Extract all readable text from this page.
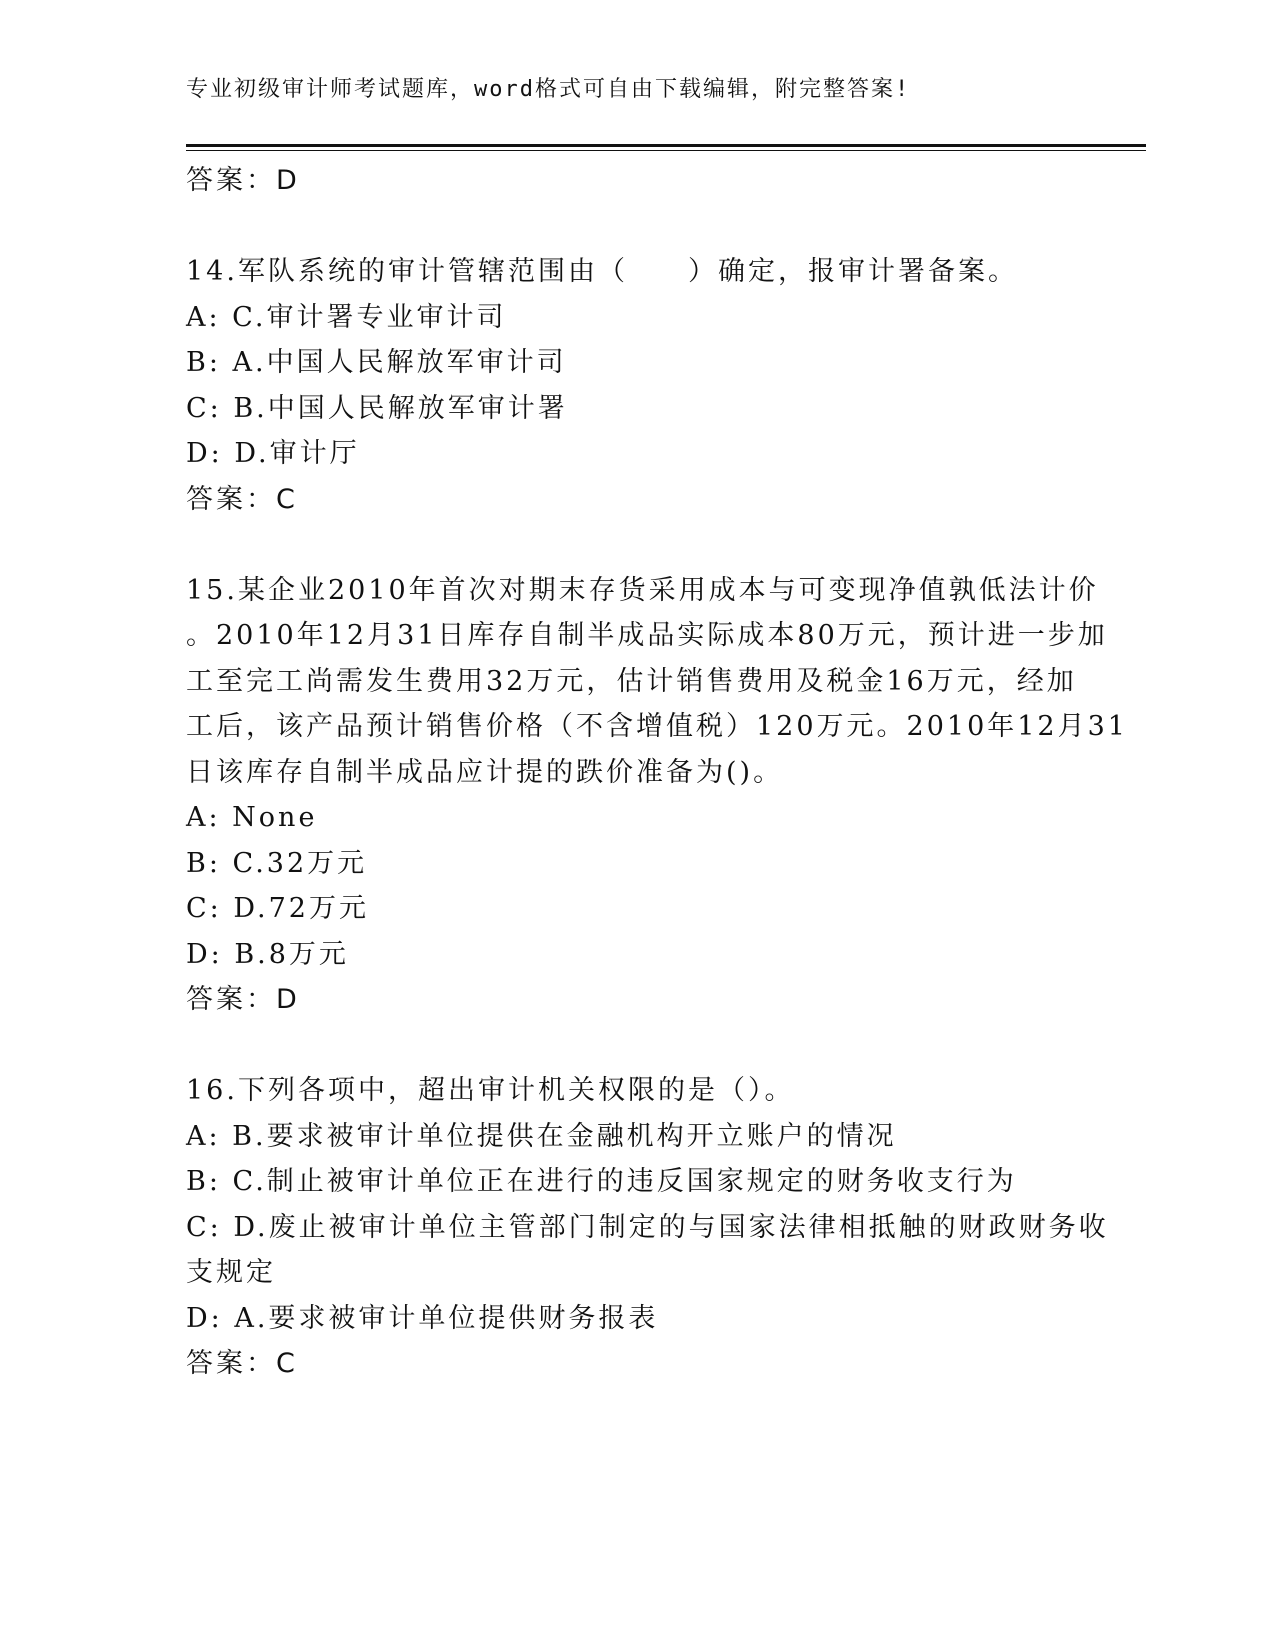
专业初级审计师考试题库，word格式可自由下载编辑，附完整答案!
答案：D
14.军队系统的审计管辖范围由（　　）确定，报审计署备案。
A: C.审计署专业审计司
B: A.中国人民解放军审计司
C: B.中国人民解放军审计署
D: D.审计厅
答案：C
15.某企业2010年首次对期末存货采用成本与可变现净值孰低法计价
。2010年12月31日库存自制半成品实际成本80万元，预计进一步加
工至完工尚需发生费用32万元，估计销售费用及税金16万元，经加
工后，该产品预计销售价格（不含增值税）120万元。2010年12月31
日该库存自制半成品应计提的跌价准备为()。
A: None
B: C.32万元
C: D.72万元
D: B.8万元
答案：D
16.下列各项中，超出审计机关权限的是（）。
A: B.要求被审计单位提供在金融机构开立账户的情况
B: C.制止被审计单位正在进行的违反国家规定的财务收支行为
C: D.废止被审计单位主管部门制定的与国家法律相抵触的财政财务收
支规定
D: A.要求被审计单位提供财务报表
答案：C
